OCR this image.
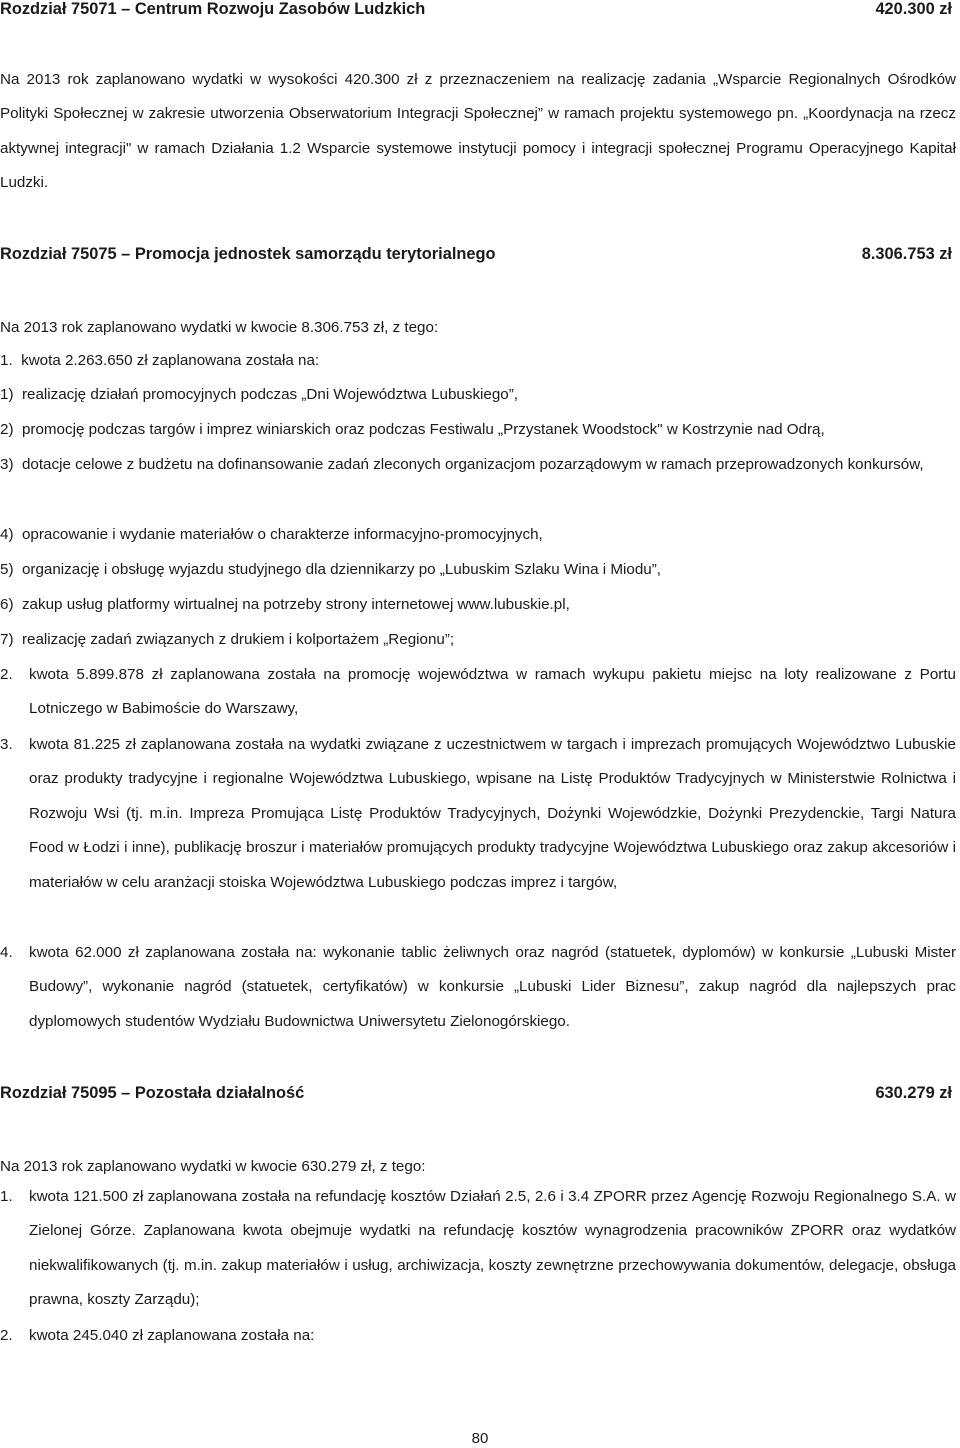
Rozdział 75071 – Centrum Rozwoju Zasobów Ludzkich	420.300 zł
Na 2013 rok zaplanowano wydatki w wysokości 420.300 zł z przeznaczeniem na realizację zadania „Wsparcie Regionalnych Ośrodków Polityki Społecznej w zakresie utworzenia Obserwatorium Integracji Społecznej” w ramach projektu systemowego pn. „Koordynacja na rzecz aktywnej integracji" w ramach Działania 1.2 Wsparcie systemowe instytucji pomocy i integracji społecznej Programu Operacyjnego Kapitał Ludzki.
Rozdział 75075 – Promocja jednostek samorządu terytorialnego	8.306.753 zł
Na 2013 rok zaplanowano wydatki w kwocie 8.306.753 zł, z tego:
1.  kwota 2.263.650 zł zaplanowana została na:
1)  realizację działań promocyjnych podczas „Dni Województwa Lubuskiego”,
2)  promocję podczas targów i imprez winiarskich oraz podczas Festiwalu „Przystanek Woodstock" w Kostrzynie nad Odrą,
3)  dotacje celowe z budżetu na dofinansowanie zadań zleconych organizacjom pozarządowym w ramach przeprowadzonych konkursów,
4)  opracowanie i wydanie materiałów o charakterze informacyjno-promocyjnych,
5)  organizację i obsługę wyjazdu studyjnego dla dziennikarzy po „Lubuskim Szlaku Wina i Miodu”,
6)  zakup usług platformy wirtualnej na potrzeby strony internetowej www.lubuskie.pl,
7)  realizację zadań związanych z drukiem i kolportażem „Regionu”;
2. kwota 5.899.878 zł zaplanowana została na promocję województwa w ramach wykupu pakietu miejsc na loty realizowane z Portu Lotniczego w Babimoście do Warszawy,
3. kwota 81.225 zł zaplanowana została na wydatki związane z uczestnictwem w targach i imprezach promujących Województwo Lubuskie oraz produkty tradycyjne i regionalne Województwa Lubuskiego, wpisane na Listę Produktów Tradycyjnych w Ministerstwie Rolnictwa i Rozwoju Wsi (tj. m.in. Impreza Promująca Listę Produktów Tradycyjnych, Dożynki Wojewódzkie, Dożynki Prezydenckie, Targi Natura Food w Łodzi i inne), publikację broszur i materiałów promujących produkty tradycyjne Województwa Lubuskiego oraz zakup akcesoriów i materiałów w celu aranżacji stoiska Województwa Lubuskiego podczas imprez i targów,
4. kwota 62.000 zł zaplanowana została na: wykonanie tablic żeliwnych oraz nagród (statuetek, dyplomów) w konkursie „Lubuski Mister Budowy”, wykonanie nagród (statuetek, certyfikatów) w konkursie „Lubuski Lider Biznesu”, zakup nagród dla najlepszych prac dyplomowych studentów Wydziału Budownictwa Uniwersytetu Zielonogórskiego.
Rozdział 75095 – Pozostała działalność	630.279 zł
Na 2013 rok zaplanowano wydatki w kwocie 630.279 zł, z tego:
1. kwota 121.500 zł zaplanowana została na refundację kosztów Działań 2.5, 2.6 i 3.4 ZPORR przez Agencję Rozwoju Regionalnego S.A. w Zielonej Górze. Zaplanowana kwota obejmuje wydatki na refundację kosztów wynagrodzenia pracowników ZPORR oraz wydatków niekwalifikowanych (tj. m.in. zakup materiałów i usług, archiwizacja, koszty zewnętrzne przechowywania dokumentów, delegacje, obsługa prawna, koszty Zarządu);
2. kwota 245.040 zł zaplanowana została na:
80
